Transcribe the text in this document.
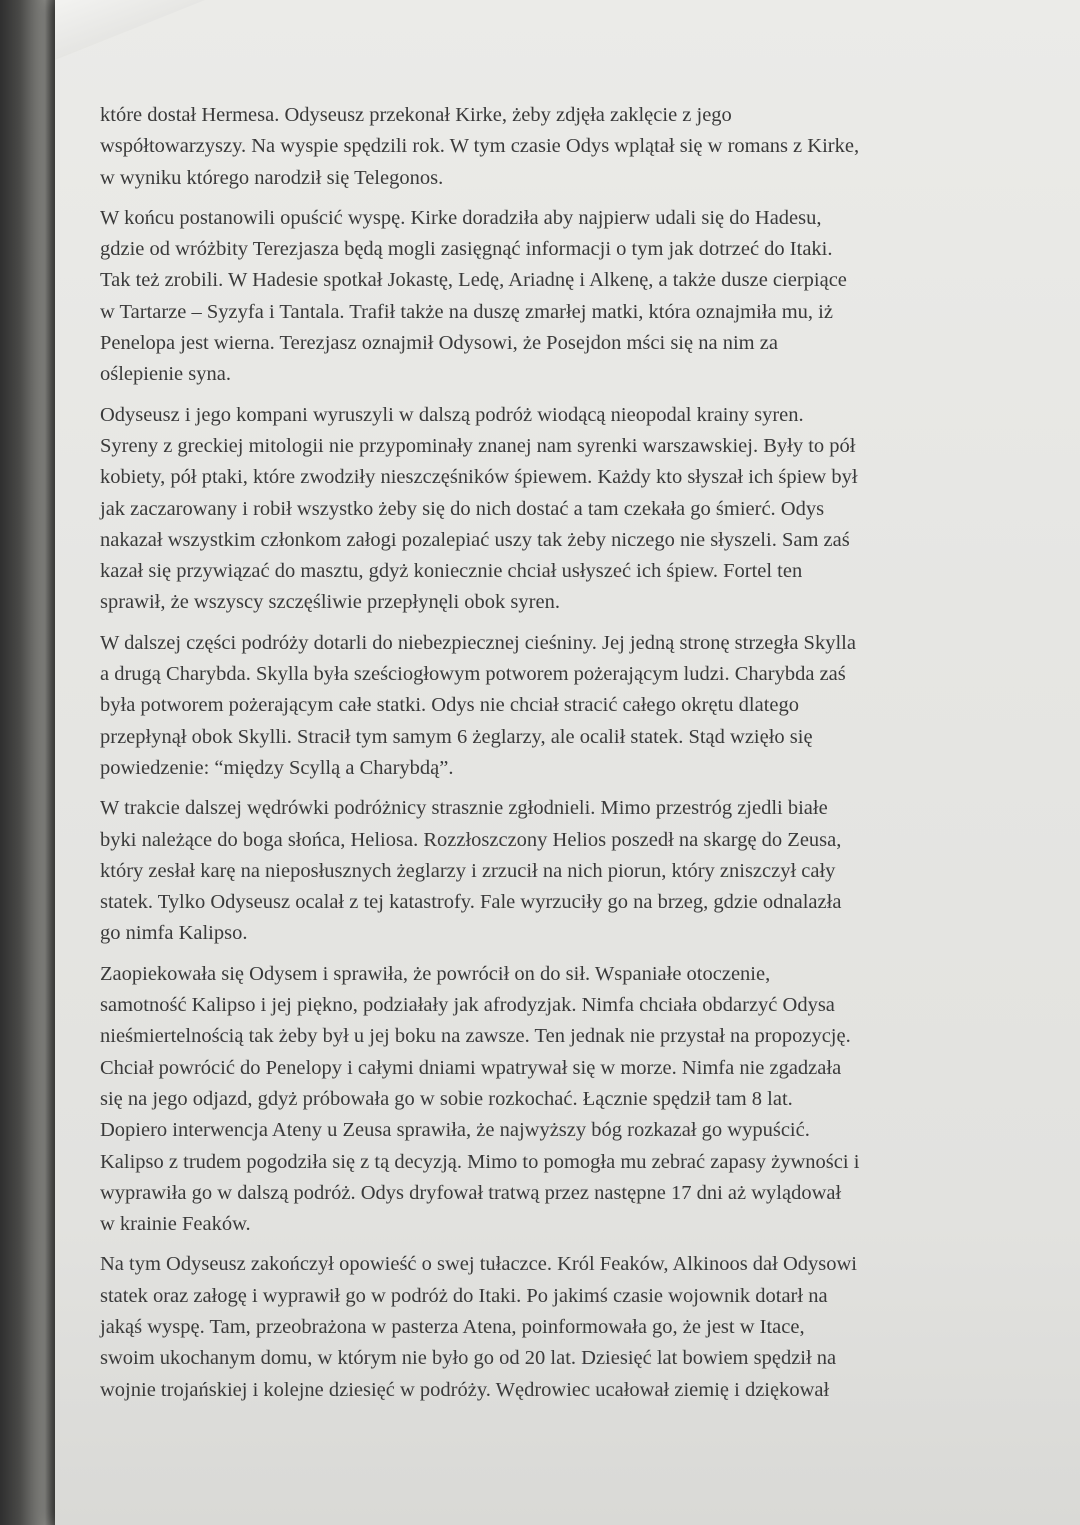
które dostał Hermesa. Odyseusz przekonał Kirke, żeby zdjęła zaklęcie z jego
współtowarzyszy. Na wyspie spędzili rok. W tym czasie Odys wplątał się w romans z Kirke,
w wyniku którego narodził się Telegonos.

W końcu postanowili opuścić wyspę. Kirke doradziła aby najpierw udali się do Hadesu,
gdzie od wróżbity Terezjasza będą mogli zasięgnąć informacji o tym jak dotrzeć do Itaki.
Tak też zrobili. W Hadesie spotkał Jokastę, Ledę, Ariadnę i Alkenę, a także dusze cierpiące
w Tartarze – Syzyfa i Tantala. Trafił także na duszę zmarłej matki, która oznajmiła mu, iż
Penelopa jest wierna. Terezjasz oznajmił Odysowi, że Posejdon mści się na nim za
oślepienie syna.

Odyseusz i jego kompani wyruszyli w dalszą podróż wiodącą nieopodal krainy syren.
Syreny z greckiej mitologii nie przypominały znanej nam syrenki warszawskiej. Były to pół
kobiety, pół ptaki, które zwodziły nieszczęśników śpiewem. Każdy kto słyszał ich śpiew był
jak zaczarowany i robił wszystko żeby się do nich dostać a tam czekała go śmierć. Odys
nakazał wszystkim członkom załogi pozalepiać uszy tak żeby niczego nie słyszeli. Sam zaś
kazał się przywiązać do masztu, gdyż koniecznie chciał usłyszeć ich śpiew. Fortel ten
sprawił, że wszyscy szczęśliwie przepłynęli obok syren.

W dalszej części podróży dotarli do niebezpiecznej cieśniny. Jej jedną stronę strzegła Skylla
a drugą Charybda. Skylla była sześciogłowym potworem pożerającym ludzi. Charybda zaś
była potworem pożerającym całe statki. Odys nie chciał stracić całego okrętu dlatego
przepłynął obok Skylli. Stracił tym samym 6 żeglarzy, ale ocalił statek. Stąd wzięło się
powiedzenie: “między Scyllą a Charybdą”.

W trakcie dalszej wędrówki podróżnicy strasznie zgłodnieli. Mimo przestróg zjedli białe
byki należące do boga słońca, Heliosa. Rozzłoszczony Helios poszedł na skargę do Zeusa,
który zesłał karę na nieposłusznych żeglarzy i zrzucił na nich piorun, który zniszczył cały
statek. Tylko Odyseusz ocalał z tej katastrofy. Fale wyrzuciły go na brzeg, gdzie odnalazła
go nimfa Kalipso.

Zaopiekowała się Odysem i sprawiła, że powrócił on do sił. Wspaniałe otoczenie,
samotność Kalipso i jej piękno, podziałały jak afrodyzjak. Nimfa chciała obdarzyć Odysa
nieśmiertelnością tak żeby był u jej boku na zawsze. Ten jednak nie przystał na propozycję.
Chciał powrócić do Penelopy i całymi dniami wpatrywał się w morze. Nimfa nie zgadzała
się na jego odjazd, gdyż próbowała go w sobie rozkochać. Łącznie spędził tam 8 lat.
Dopiero interwencja Ateny u Zeusa sprawiła, że najwyższy bóg rozkazał go wypuścić.
Kalipso z trudem pogodziła się z tą decyzją. Mimo to pomogła mu zebrać zapasy żywności i
wyprawiła go w dalszą podróż. Odys dryfował tratwą przez następne 17 dni aż wylądował
w krainie Feaków.

Na tym Odyseusz zakończył opowieść o swej tułaczce. Król Feaków, Alkinoos dał Odysowi
statek oraz załogę i wyprawił go w podróż do Itaki. Po jakimś czasie wojownik dotarł na
jakąś wyspę. Tam, przeobrażona w pasterza Atena, poinformowała go, że jest w Itace,
swoim ukochanym domu, w którym nie było go od 20 lat. Dziesięć lat bowiem spędził na
wojnie trojańskiej i kolejne dziesięć w podróży. Wędrowiec ucałował ziemię i dziękował
